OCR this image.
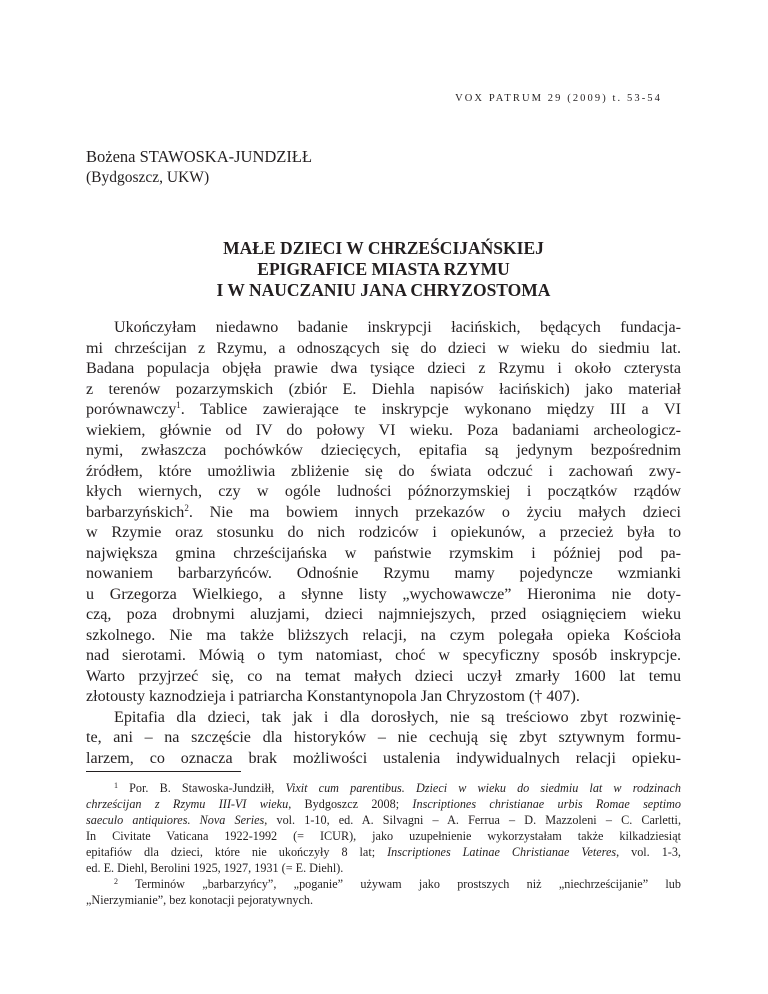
VOX PATRUM 29 (2009) t. 53-54
Bożena STAWOSKA-JUNDZIŁŁ
(Bydgoszcz, UKW)
MAŁE DZIECI W CHRZEŚCIJAŃSKIEJ
EPIGRAFICE MIASTA RZYMU
I W NAUCZANIU JANA CHRYZOSTOMA
Ukończyłam niedawno badanie inskrypcji łacińskich, będących fundacja-
mi chrześcijan z Rzymu, a odnoszących się do dzieci w wieku do siedmiu lat.
Badana populacja objęła prawie dwa tysiące dzieci z Rzymu i około czterysta
z terenów pozarzymskich (zbiór E. Diehla napisów łacińskich) jako materiał
porównawczy$^1$. Tablice zawierające te inskrypcje wykonano między III a VI
wiekiem, głównie od IV do połowy VI wieku. Poza badaniami archeologicz-
nymi, zwłaszcza pochówków dziecięcych, epitafia są jedynym bezpośrednim
źródłem, które umożliwia zbliżenie się do świata odczuć i zachowań zwy-
kłych wiernych, czy w ogóle ludności późnorzymskiej i początków rządów
barbarzyńskich$^2$. Nie ma bowiem innych przekazów o życiu małych dzieci
w Rzymie oraz stosunku do nich rodziców i opiekunów, a przecież była to
największa gmina chrześcijańska w państwie rzymskim i później pod pa-
nowaniem barbarzyńców. Odnośnie Rzymu mamy pojedyncze wzmianki
u Grzegorza Wielkiego, a słynne listy „wychowawcze” Hieronima nie doty-
czą, poza drobnymi aluzjami, dzieci najmniejszych, przed osiągnięciem wieku
szkolnego. Nie ma także bliższych relacji, na czym polegała opieka Kościoła
nad sierotami. Mówią o tym natomiast, choć w specyficzny sposób inskrypcje.
Warto przyjrzeć się, co na temat małych dzieci uczył zmarły 1600 lat temu
złotousty kaznodzieja i patriarcha Konstantynopola Jan Chryzostom († 407).
Epitafia dla dzieci, tak jak i dla dorosłych, nie są treściowo zbyt rozwinię-
te, ani – na szczęście dla historyków – nie cechują się zbyt sztywnym formu-
larzem, co oznacza brak możliwości ustalenia indywidualnych relacji opieku-
$^1$ Por. B. Stawoska-Jundziłł, Vixit cum parentibus. Dzieci w wieku do siedmiu lat w rodzinach
chrześcijan z Rzymu III-VI wieku, Bydgoszcz 2008; Inscriptiones christianae urbis Romae septimo
saeculo antiquiores. Nova Series, vol. 1-10, ed. A. Silvagni – A. Ferrua – D. Mazzoleni – C. Carletti,
In Civitate Vaticana 1922-1992 (= ICUR), jako uzupełnienie wykorzystałam także kilkadziesiąt
epitafiów dla dzieci, które nie ukończyły 8 lat; Inscriptiones Latinae Christianae Veteres, vol. 1-3,
ed. E. Diehl, Berolini 1925, 1927, 1931 (= E. Diehl).
$^2$ Terminów „barbarzyńcy”, „poganie” używam jako prostszych niż „niechrześcijanie” lub
„Nierzymianie”, bez konotacji pejoratywnych.
